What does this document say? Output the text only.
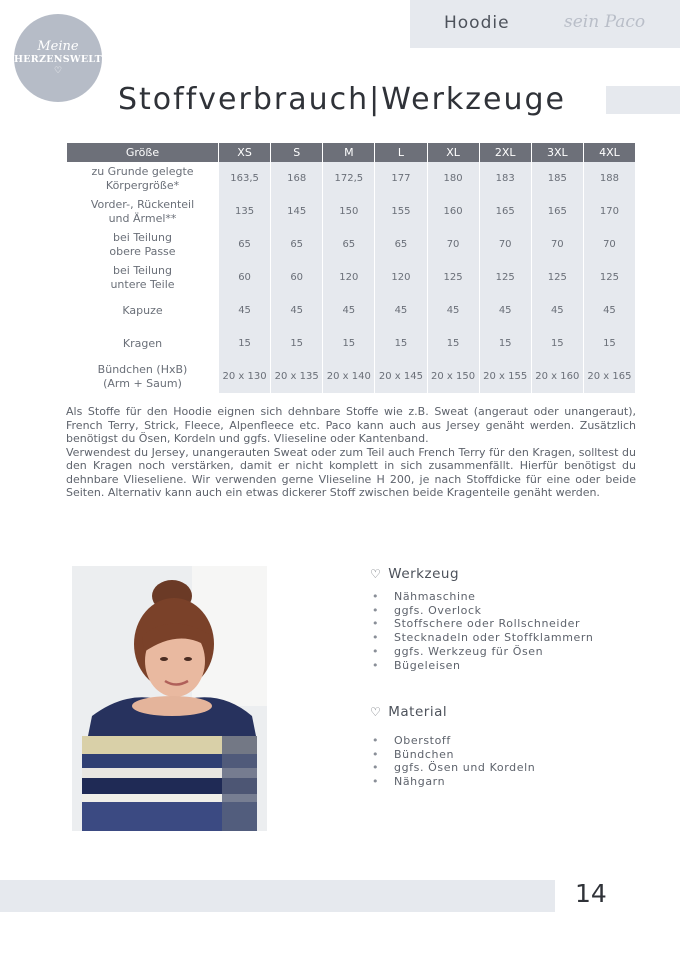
Meine
HERZENSWELT
♡
Hoodie	sein Paco
Stoffverbrauch|Werkzeuge
Größe	XS	S	M	L	XL	2XL	3XL	4XL

zu Grunde gelegte
Körpergröße*	163,5	168	172,5	177	180	183	185	188

Vorder-, Rückenteil
und Ärmel**	135	145	150	155	160	165	165	170

bei Teilung
obere Passe	65	65	65	65	70	70	70	70

bei Teilung
untere Teile	60	60	120	120	125	125	125	125

Kapuze	45	45	45	45	45	45	45	45

Kragen	15	15	15	15	15	15	15	15

Bündchen (HxB)
(Arm + Saum)	20 x 130	20 x 135	20 x 140	20 x 145	20 x 150	20 x 155	20 x 160	20 x 165

Als Stoffe für den Hoodie eignen sich dehnbare Stoffe wie z.B. Sweat (angeraut oder unangeraut), French Terry, Strick, Fleece, Alpenfleece etc. Paco kann auch aus Jersey genäht werden. Zusätzlich benötigst du Ösen, Kordeln und ggfs. Vlieseline oder Kantenband.

Verwendest du Jersey, unangerauten Sweat oder zum Teil auch French Terry für den Kragen, solltest du den Kragen noch verstärken, damit er nicht komplett in sich zusammenfällt. Hierfür benötigst du dehnbare Vlieseliene. Wir verwenden gerne Vlieseline H 200, je nach Stoffdicke für eine oder beide Seiten. Alternativ kann auch ein etwas dickerer Stoff zwischen beide Kragenteile genäht werden.

♡ Werkzeug
• Nähmaschine
• ggfs. Overlock
• Stoffschere oder Rollschneider
• Stecknadeln oder Stoffklammern
• ggfs. Werkzeug für Ösen
• Bügeleisen
♡ Material
• Oberstoff
• Bündchen
• ggfs. Ösen und Kordeln
• Nähgarn
14
